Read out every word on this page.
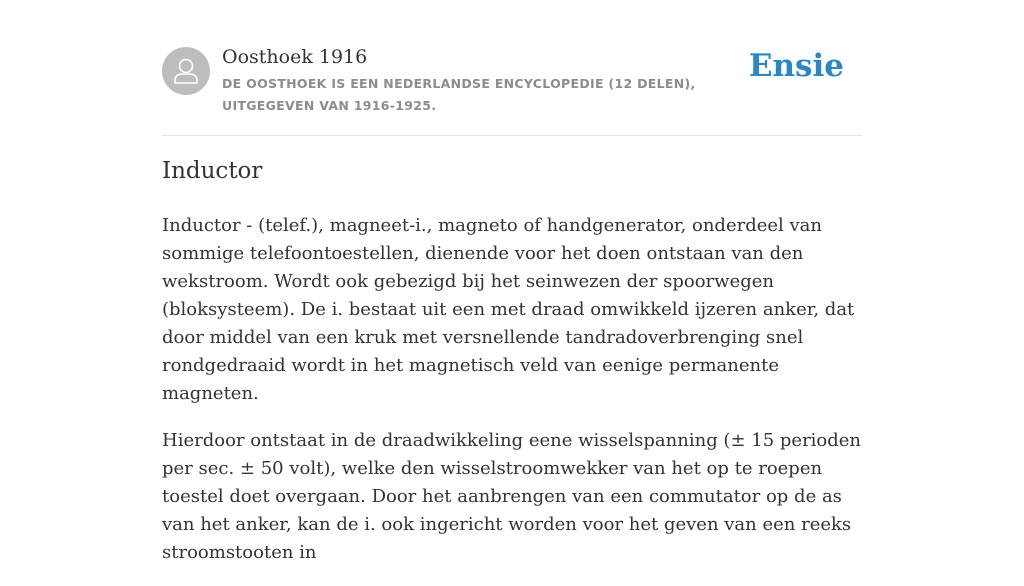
Oosthoek 1916
DE OOSTHOEK IS EEN NEDERLANDSE ENCYCLOPEDIE (12 DELEN), UITGEGEVEN VAN 1916-1925.
Ensie
Inductor

Inductor - (telef.), magneet-i., magneto of handgenerator, onderdeel van sommige telefoontoestellen, dienende voor het doen ontstaan van den wekstroom. Wordt ook gebezigd bij het seinwezen der spoorwegen (bloksysteem). De i. bestaat uit een met draad omwikkeld ijzeren anker, dat door middel van een kruk met versnellende tandradoverbrenging snel rondgedraaid wordt in het magnetisch veld van eenige permanente magneten.

Hierdoor ontstaat in de draadwikkeling eene wisselspanning (± 15 perioden per sec. ± 50 volt), welke den wisselstroomwekker van het op te roepen toestel doet overgaan. Door het aanbrengen van een commutator op de as van het anker, kan de i. ook ingericht worden voor het geven van een reeks stroomstooten in
